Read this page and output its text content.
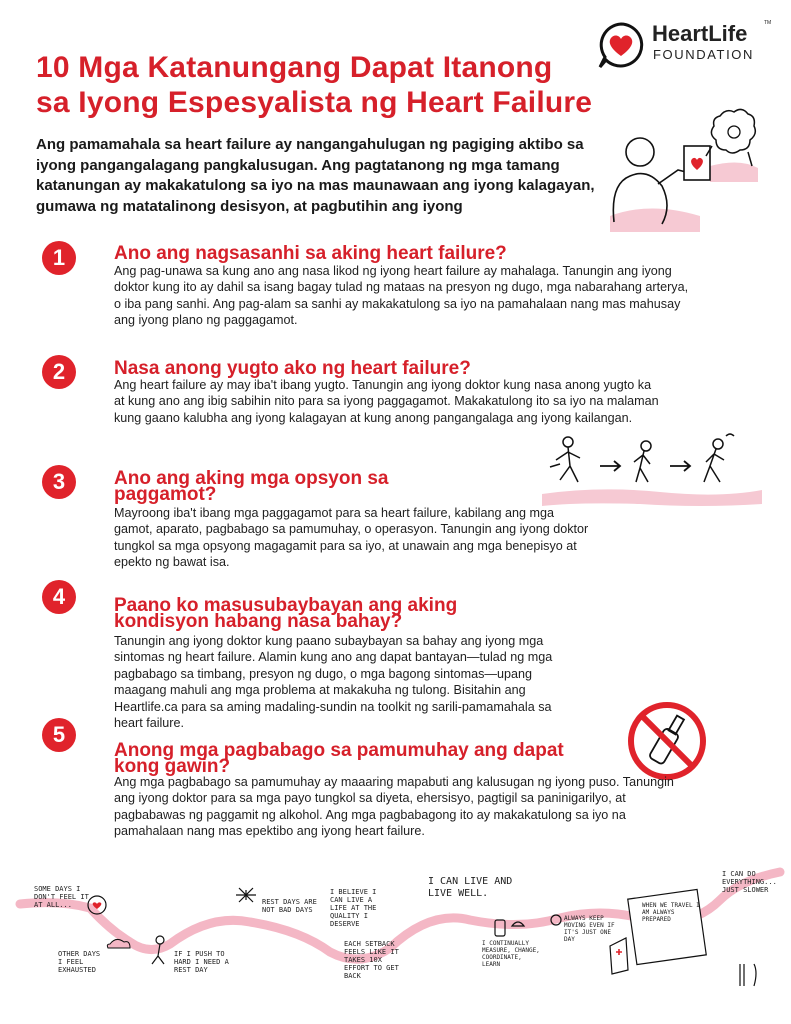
10 Mga Katanungang Dapat Itanong
sa Iyong Espesyalista ng Heart Failure
HeartLife	TM
FOUNDATION
Ang pamamahala sa heart failure ay nangangahulugan ng pagiging aktibo sa iyong pangangalagang pangkalusugan. Ang pagtatanong ng mga tamang katanungan ay makakatulong sa iyo na mas maunawaan ang iyong kalagayan, gumawa ng matatalinong desisyon, at pagbutihin ang iyong
1	Ano ang nagsasanhi sa aking heart failure?
Ang pag-unawa sa kung ano ang nasa likod ng iyong heart failure ay mahalaga. Tanungin ang iyong doktor kung ito ay dahil sa isang bagay tulad ng mataas na presyon ng dugo, mga nabarahang arterya, o iba pang sanhi. Ang pag-alam sa sanhi ay makakatulong sa iyo na pamahalaan nang mas mahusay ang iyong plano ng paggagamot.
2	Nasa anong yugto ako ng heart failure?
Ang heart failure ay may iba't ibang yugto. Tanungin ang iyong doktor kung nasa anong yugto ka at kung ano ang ibig sabihin nito para sa iyong paggagamot. Makakatulong ito sa iyo na malaman kung gaano kalubha ang iyong kalagayan at kung anong pangangalaga ang iyong kailangan.
3	Ano ang aking mga opsyon sa paggamot?
Mayroong iba't ibang mga paggagamot para sa heart failure, kabilang ang mga gamot, aparato, pagbabago sa pamumuhay, o operasyon. Tanungin ang iyong doktor tungkol sa mga opsyong magagamit para sa iyo, at unawain ang mga benepisyo at epekto ng bawat isa.
4	Paano ko masusubaybayan ang aking kondisyon habang nasa bahay?
Tanungin ang iyong doktor kung paano subaybayan sa bahay ang iyong mga sintomas ng heart failure. Alamin kung ano ang dapat bantayan—tulad ng mga pagbabago sa timbang, presyon ng dugo, o mga bagong sintomas—upang maagang mahuli ang mga problema at makakuha ng tulong. Bisitahin ang Heartlife.ca para sa aming madaling-sundin na toolkit ng sarili-pamamahala sa heart failure.
5
Anong mga pagbabago sa pamumuhay ang dapat kong gawin?
Ang mga pagbabago sa pamumuhay ay maaaring mapabuti ang kalusugan ng iyong puso. Tanungin ang iyong doktor para sa mga payo tungkol sa diyeta, ehersisyo, pagtigil sa paninigarilyo, at pagbabawas ng paggamit ng alkohol. Ang mga pagbabagong ito ay makakatulong sa iyo na pamahalaan nang mas epektibo ang iyong heart failure.
SOME DAYS I DON'T FEEL IT AT ALL...
OTHER DAYS I FEEL EXHAUSTED
IF I PUSH TO HARD I NEED A REST DAY
REST DAYS ARE NOT BAD DAYS
I BELIEVE I CAN LIVE A LIFE AT THE QUALITY I DESERVE
EACH SETBACK FEELS LIKE IT TAKES 10X EFFORT TO GET BACK
I CAN LIVE AND LIVE WELL.
I CONTINUALLY MEASURE, CHANGE, COORDINATE, LEARN
ALWAYS KEEP MOVING EVEN IF IT'S JUST ONE DAY
WHEN WE TRAVEL I AM ALWAYS PREPARED
I CAN DO EVERYTHING... JUST SLOWER
